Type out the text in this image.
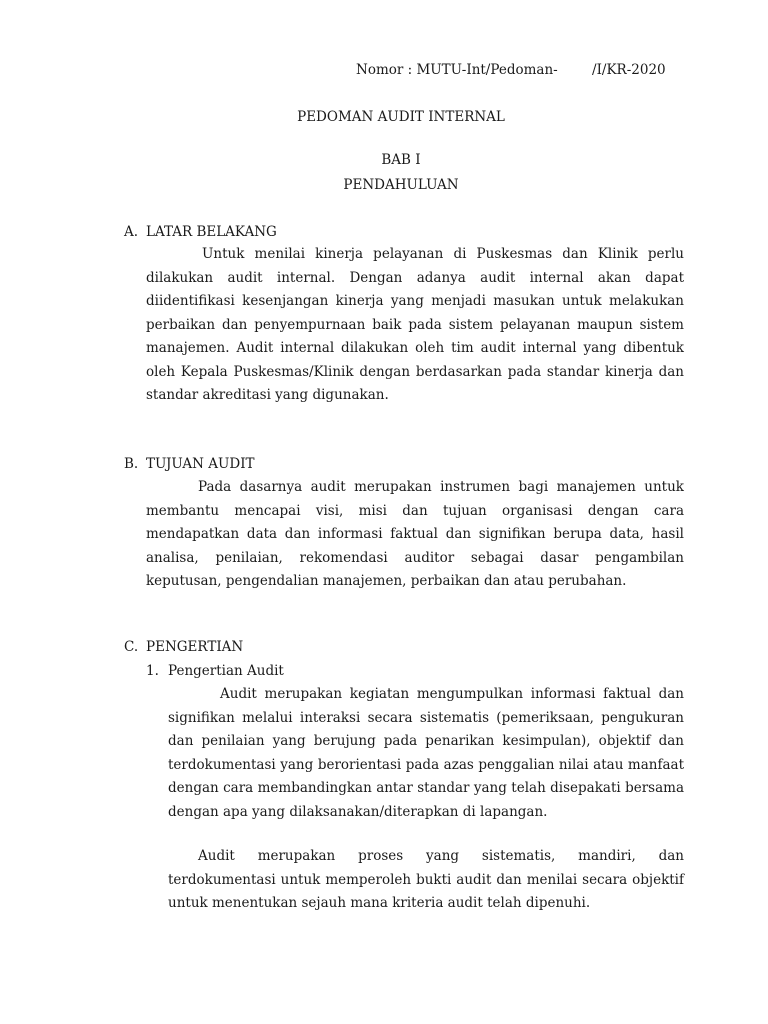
Nomor : MUTU-Int/Pedoman-        /I/KR-2020
PEDOMAN AUDIT INTERNAL
BAB I
PENDAHULUAN
A. LATAR BELAKANG

Untuk menilai kinerja pelayanan di Puskesmas dan Klinik perlu dilakukan audit internal. Dengan adanya audit internal akan dapat diidentifikasi kesenjangan kinerja yang menjadi masukan untuk melakukan perbaikan dan penyempurnaan baik pada sistem pelayanan maupun sistem manajemen. Audit internal dilakukan oleh tim audit internal yang dibentuk oleh Kepala Puskesmas/Klinik dengan berdasarkan pada standar kinerja dan standar akreditasi yang digunakan.

B. TUJUAN AUDIT

Pada dasarnya audit merupakan instrumen bagi manajemen untuk membantu mencapai visi, misi dan tujuan organisasi dengan cara mendapatkan data dan informasi faktual dan signifikan berupa data, hasil analisa, penilaian, rekomendasi auditor sebagai dasar pengambilan keputusan, pengendalian manajemen, perbaikan dan atau perubahan.

C. PENGERTIAN
1. Pengertian Audit

Audit merupakan kegiatan mengumpulkan informasi faktual dan signifikan melalui interaksi secara sistematis (pemeriksaan, pengukuran dan penilaian yang berujung pada penarikan kesimpulan), objektif dan terdokumentasi yang berorientasi pada azas penggalian nilai atau manfaat dengan cara membandingkan antar standar yang telah disepakati bersama dengan apa yang dilaksanakan/diterapkan di lapangan.

Audit merupakan proses yang sistematis, mandiri, dan terdokumentasi untuk memperoleh bukti audit dan menilai secara objektif untuk menentukan sejauh mana kriteria audit telah dipenuhi.
